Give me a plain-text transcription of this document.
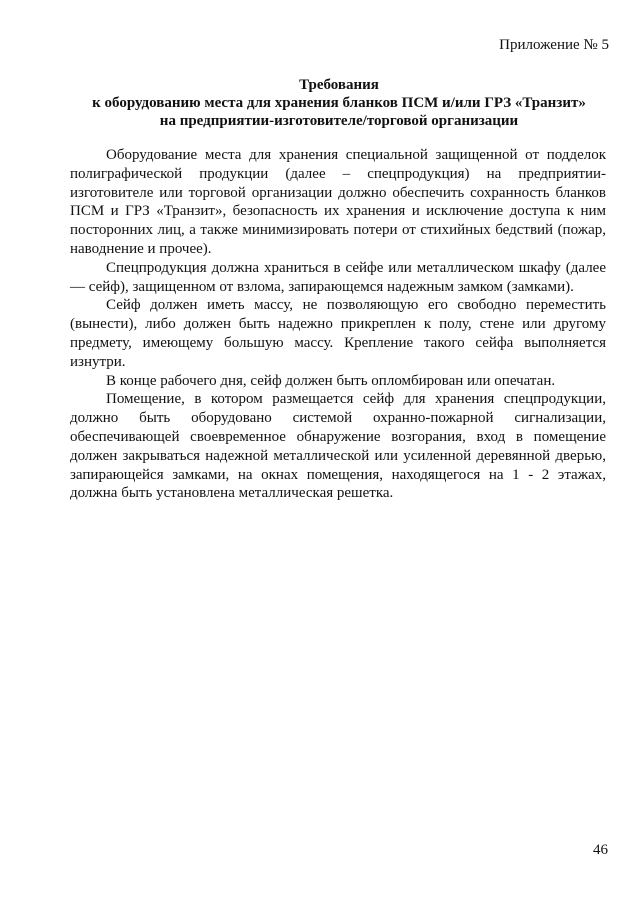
Приложение № 5
Требования
к оборудованию места для хранения бланков ПСМ и/или ГРЗ «Транзит»
на предприятии-изготовителе/торговой организации

Оборудование места для хранения специальной защищенной от подделок полиграфической продукции (далее – спецпродукция) на предприятии-изготовителе или торговой организации должно обеспечить сохранность бланков ПСМ и ГРЗ «Транзит», безопасность их хранения и исключение доступа к ним посторонних лиц, а также минимизировать потери от стихийных бедствий (пожар, наводнение и прочее).

Спецпродукция должна храниться в сейфе или металлическом шкафу (далее — сейф), защищенном от взлома, запирающемся надежным замком (замками).

Сейф должен иметь массу, не позволяющую его свободно переместить (вынести), либо должен быть надежно прикреплен к полу, стене или другому предмету, имеющему большую массу. Крепление такого сейфа выполняется изнутри.

В конце рабочего дня, сейф должен быть опломбирован или опечатан.

Помещение, в котором размещается сейф для хранения спецпродукции, должно быть оборудовано системой охранно-пожарной сигнализации, обеспечивающей своевременное обнаружение возгорания, вход в помещение должен закрываться надежной металлической или усиленной деревянной дверью, запирающейся замками, на окнах помещения, находящегося на 1 - 2 этажах, должна быть установлена металлическая решетка.

46
